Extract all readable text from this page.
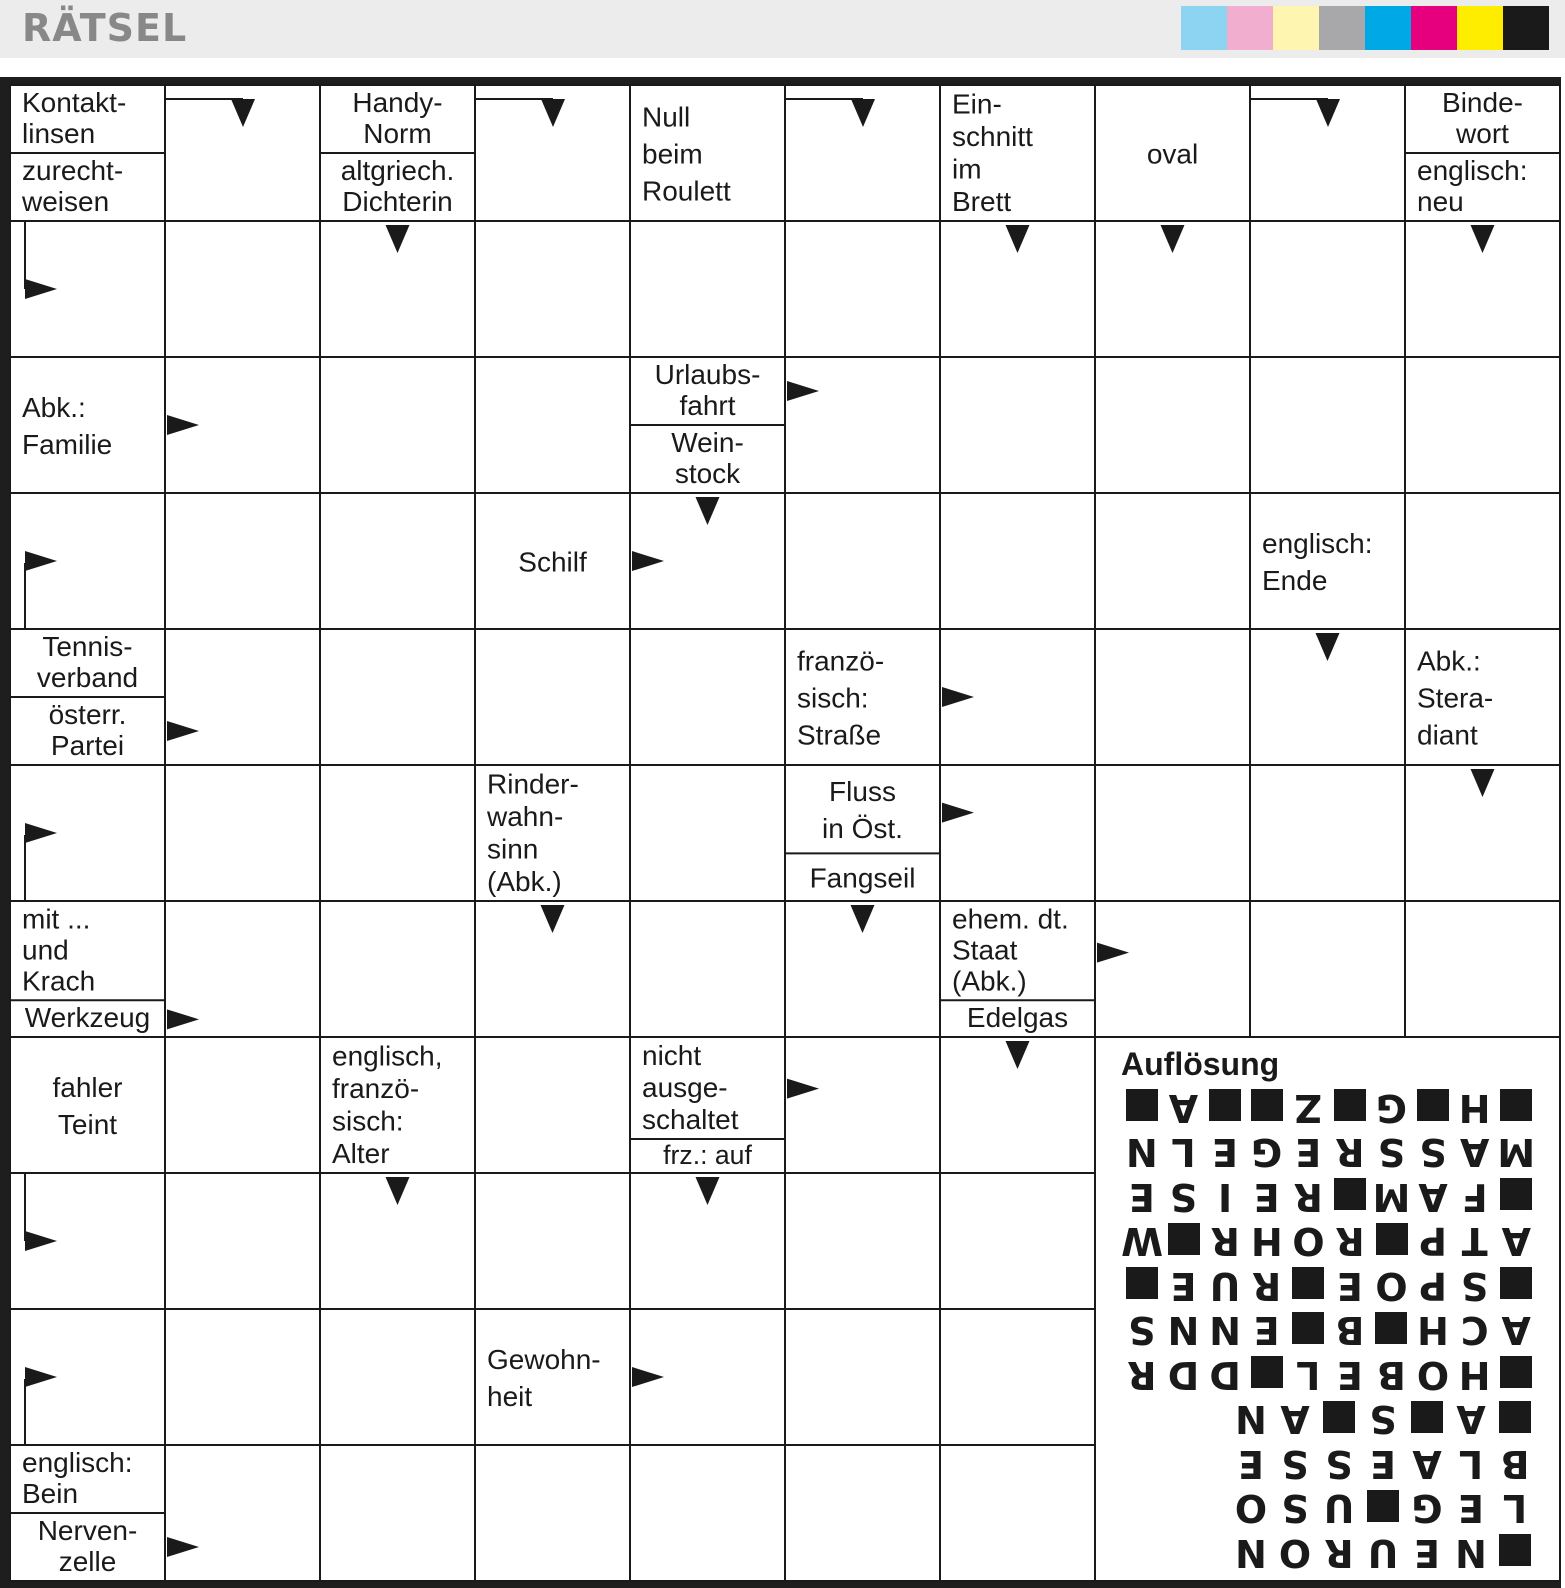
RÄTSEL
Kontakt-linsen
zurecht-weisen
Handy-Norm
altgriech. Dichterin
Null beim Roulett
Ein-schnitt im Brett
oval
Binde-wort
englisch: neu
Abk.: Familie
Urlaubs-fahrt
Wein-stock
Schilf
englisch: Ende
Tennis-verband
österr. Partei
franzö-sisch: Straße
Abk.: Stera-diant
Rinder-wahn-sinn (Abk.)
Fluss in Öst.
Fangseil
mit ... und Krach
Werkzeug
ehem. dt. Staat (Abk.)
Edelgas
fahler Teint
englisch, franzö-sisch: Alter
nicht ausge-schaltet
frz.: auf
Gewohn-heit
englisch: Bein
Nerven-zelle
Auflösung
N
E
U
R
O
N
L
E
G
U
S
O
B
L
A
E
S
S
E
A
S
A
N
H
O
B
E
L
D
D
R
A
C
H
B
E
N
N
S
S
P
O
E
R
U
E
A
T
P
R
O
H
R
W
F
A
M
R
E
I
S
E
M
A
S
S
R
E
G
E
L
N
H
G
Z
A
